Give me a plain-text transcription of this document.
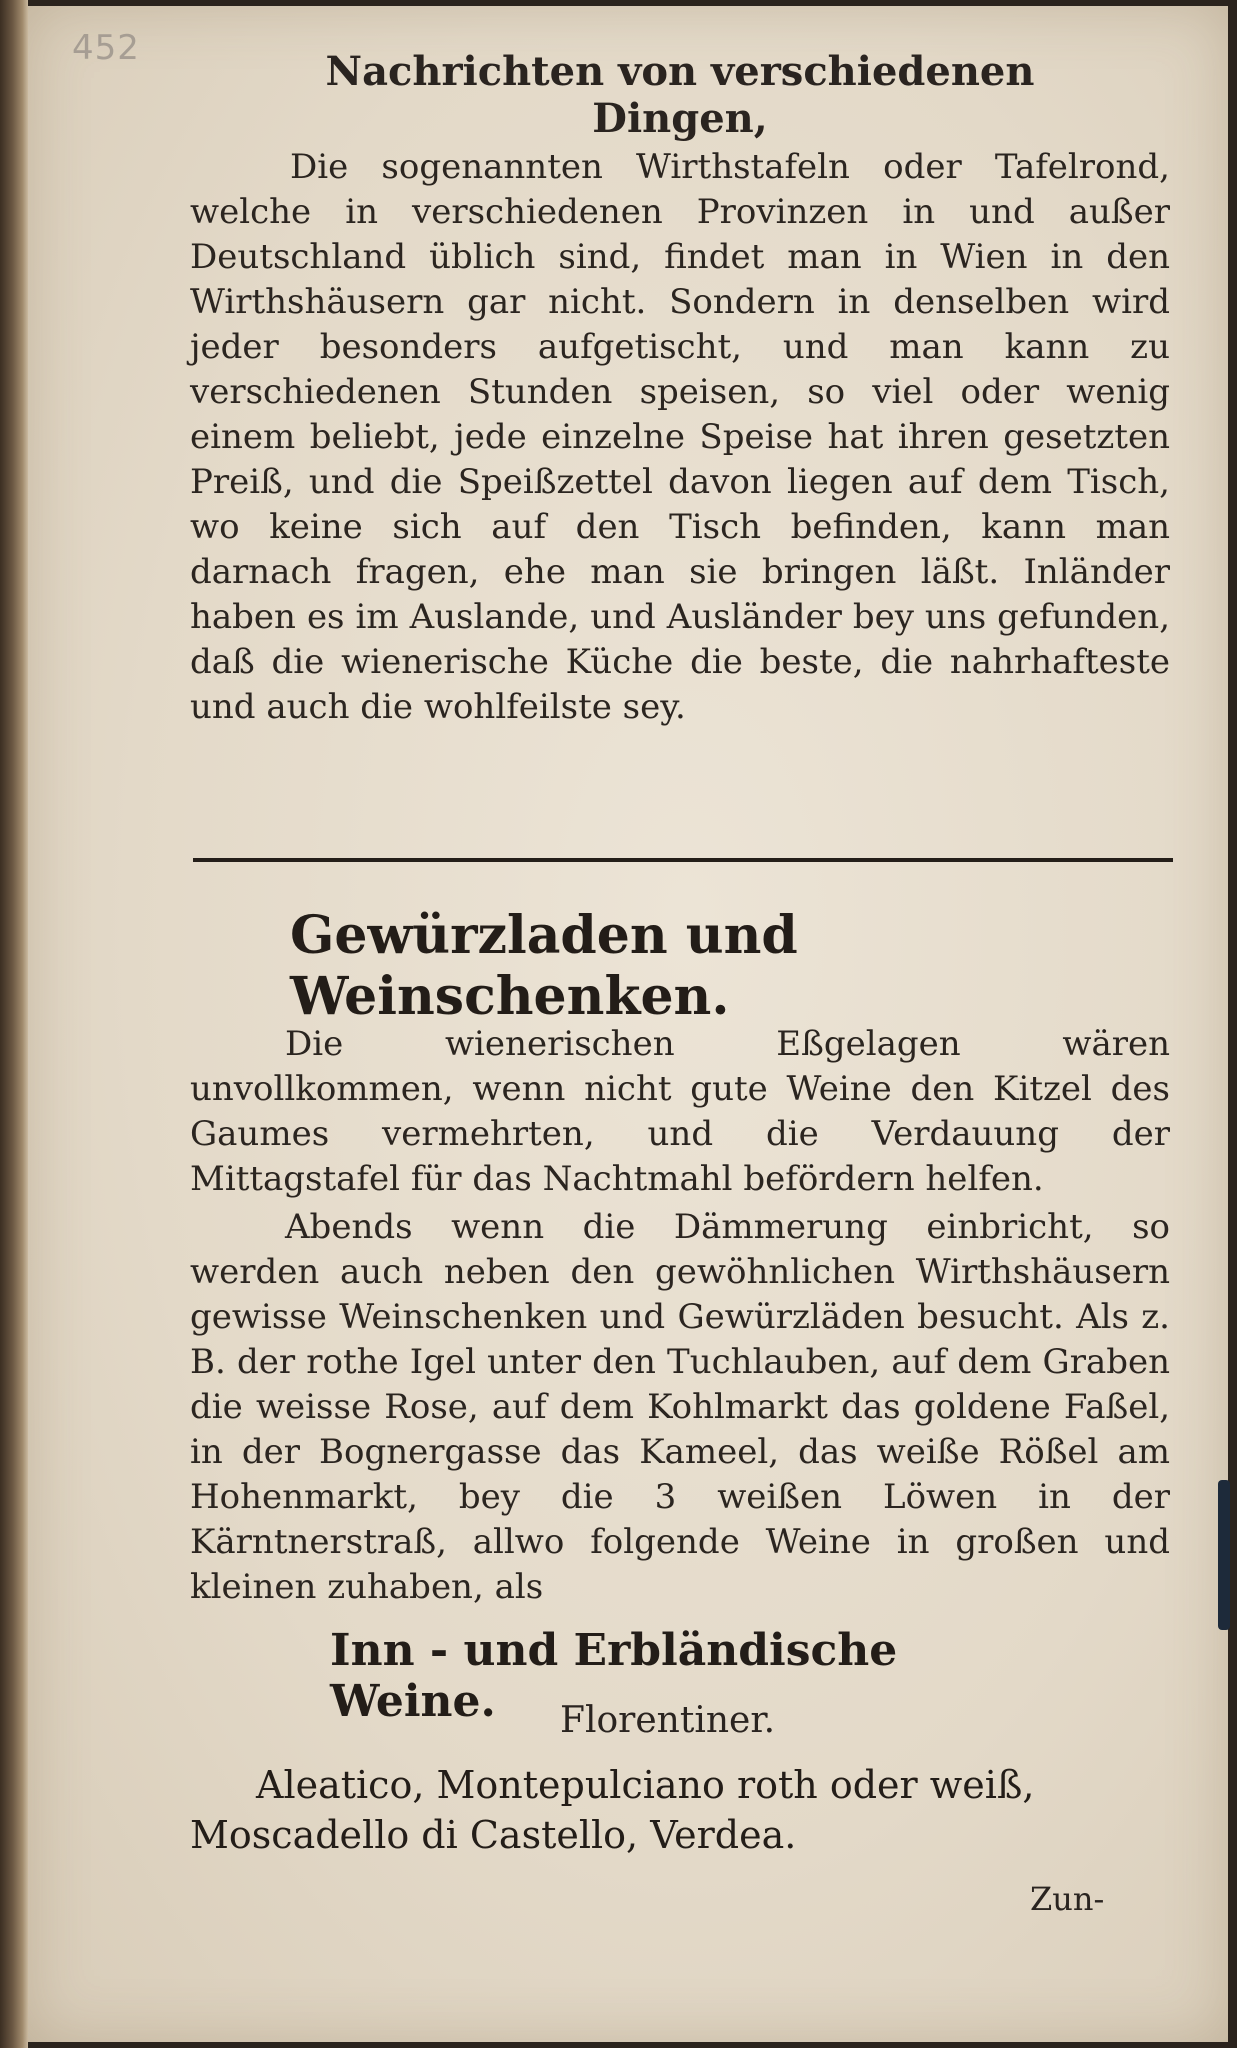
452	Nachrichten von verschiedenen Dingen,

Die sogenannten Wirthstafeln oder Tafelrond, welche in verschiedenen Provinzen in und außer Deutschland üblich sind, findet man in Wien in den Wirthshäusern gar nicht. Sondern in denselben wird jeder besonders aufgetischt, und man kann zu verschiedenen Stunden speisen, so viel oder wenig einem beliebt, jede einzelne Speise hat ihren gesetzten Preiß, und die Speißzettel davon liegen auf dem Tisch, wo keine sich auf den Tisch befinden, kann man darnach fragen, ehe man sie bringen läßt. Inländer haben es im Auslande, und Ausländer bey uns gefunden, daß die wienerische Küche die beste, die nahrhafteste und auch die wohlfeilste sey.

Gewürzladen und Weinschenken.

Die wienerischen Eßgelagen wären unvollkommen, wenn nicht gute Weine den Kitzel des Gaumes vermehrten, und die Verdauung der Mittagstafel für das Nachtmahl befördern helfen.

Abends wenn die Dämmerung einbricht, so werden auch neben den gewöhnlichen Wirthshäusern gewisse Weinschenken und Gewürzläden besucht. Als z. B. der rothe Igel unter den Tuchlauben, auf dem Graben die weisse Rose, auf dem Kohlmarkt das goldene Faßel, in der Bognergasse das Kameel, das weiße Rößel am Hohenmarkt, bey die 3 weißen Löwen in der Kärntnerstraß, allwo folgende Weine in großen und kleinen zuhaben, als

Inn - und Erbländische Weine.	Florentiner.

Aleatico, Montepulciano roth oder weiß, Moscadello di Castello, Verdea.

Zun-
